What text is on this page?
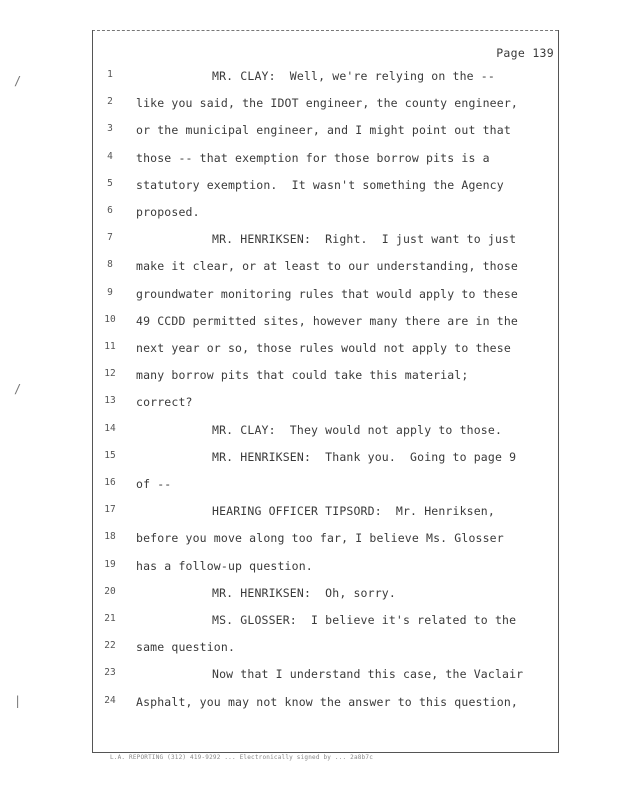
Page 139
/
/
|
1	MR. CLAY:  Well, we're relying on the --
2	like you said, the IDOT engineer, the county engineer,
3	or the municipal engineer, and I might point out that
4	those -- that exemption for those borrow pits is a
5	statutory exemption.  It wasn't something the Agency
6	proposed.
7	MR. HENRIKSEN:  Right.  I just want to just
8	make it clear, or at least to our understanding, those
9	groundwater monitoring rules that would apply to these
10	49 CCDD permitted sites, however many there are in the
11	next year or so, those rules would not apply to these
12	many borrow pits that could take this material;
13	correct?
14	MR. CLAY:  They would not apply to those.
15	MR. HENRIKSEN:  Thank you.  Going to page 9
16	of --
17	HEARING OFFICER TIPSORD:  Mr. Henriksen,
18	before you move along too far, I believe Ms. Glosser
19	has a follow-up question.
20	MR. HENRIKSEN:  Oh, sorry.
21	MS. GLOSSER:  I believe it's related to the
22	same question.
23	Now that I understand this case, the Vaclair
24	Asphalt, you may not know the answer to this question,
L.A. REPORTING (312) 419-9292 ... Electronically signed by ... 2a8b7c
